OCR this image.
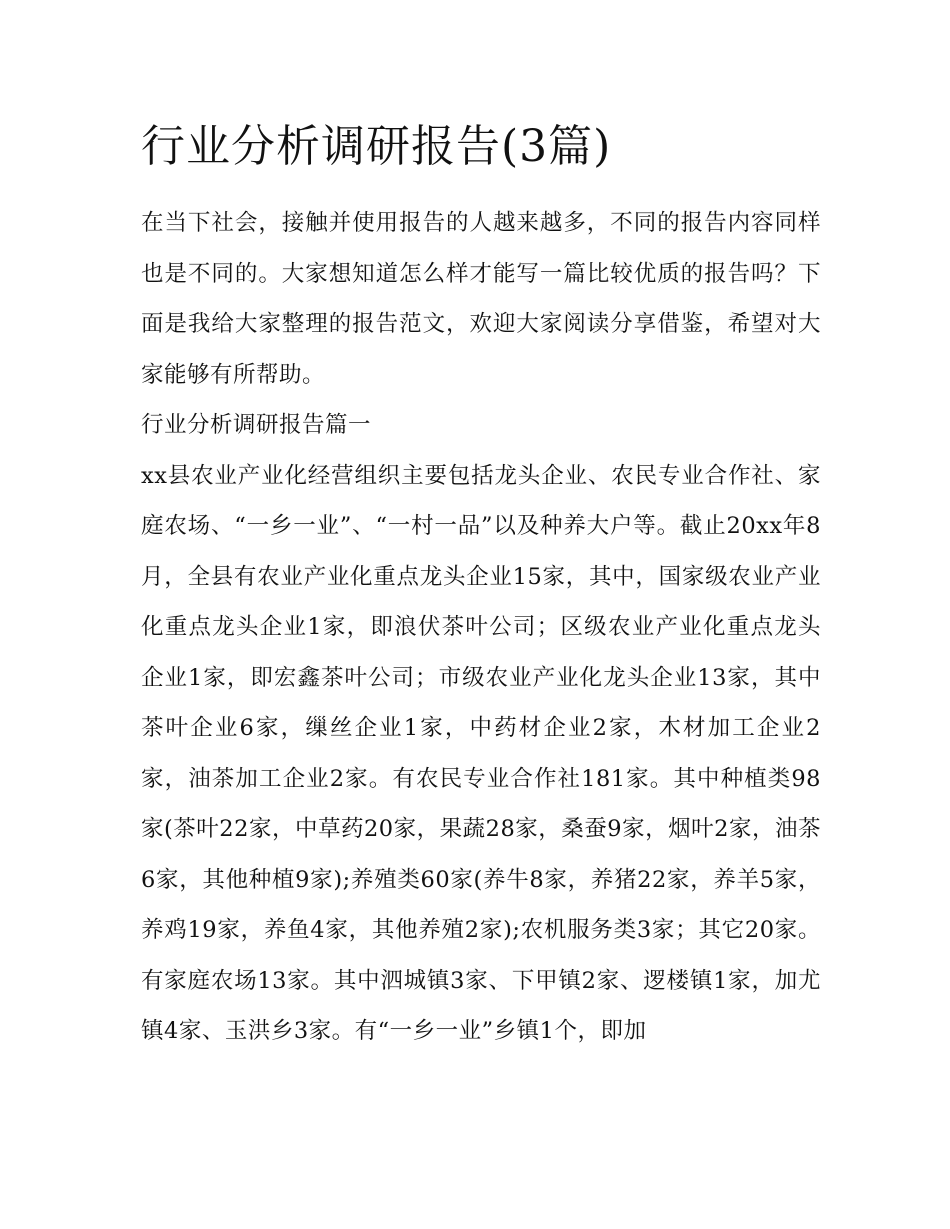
行业分析调研报告(3篇)

在当下社会，接触并使用报告的人越来越多，不同的报告内容同样也是不同的。大家想知道怎么样才能写一篇比较优质的报告吗？下面是我给大家整理的报告范文，欢迎大家阅读分享借鉴，希望对大家能够有所帮助。

行业分析调研报告篇一

xx县农业产业化经营组织主要包括龙头企业、农民专业合作社、家庭农场、“一乡一业”、“一村一品”以及种养大户等。截止20xx年8月，全县有农业产业化重点龙头企业15家，其中，国家级农业产业化重点龙头企业1家，即浪伏茶叶公司；区级农业产业化重点龙头企业1家，即宏鑫茶叶公司；市级农业产业化龙头企业13家，其中茶叶企业6家，缫丝企业1家，中药材企业2家，木材加工企业2家，油茶加工企业2家。有农民专业合作社181家。其中种植类98家(茶叶22家，中草药20家，果蔬28家，桑蚕9家，烟叶2家，油茶6家，其他种植9家);养殖类60家(养牛8家，养猪22家，养羊5家，养鸡19家，养鱼4家，其他养殖2家);农机服务类3家；其它20家。有家庭农场13家。其中泗城镇3家、下甲镇2家、逻楼镇1家，加尤镇4家、玉洪乡3家。有“一乡一业”乡镇1个，即加
